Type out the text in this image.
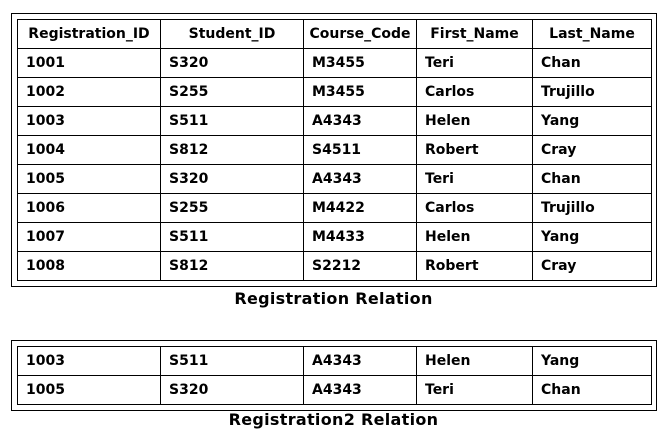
Registration_ID	Student_ID	Course_Code	First_Name	Last_Name
1001	S320	M3455	Teri	Chan
1002	S255	M3455	Carlos	Trujillo
1003	S511	A4343	Helen	Yang
1004	S812	S4511	Robert	Cray
1005	S320	A4343	Teri	Chan
1006	S255	M4422	Carlos	Trujillo
1007	S511	M4433	Helen	Yang
1008	S812	S2212	Robert	Cray
Registration Relation
1003	S511	A4343	Helen	Yang
1005	S320	A4343	Teri	Chan
Registration2 Relation
